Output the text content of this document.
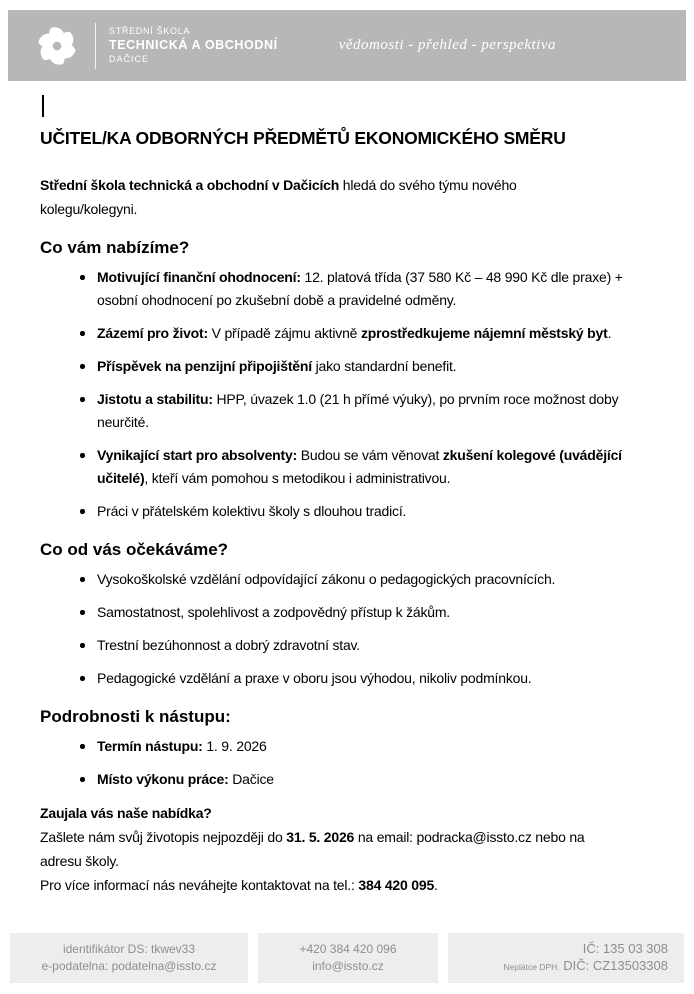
STŘEDNÍ ŠKOLA
TECHNICKÁ A OBCHODNÍ
DAČICE
vědomosti - přehled - perspektiva
UČITEL/KA ODBORNÝCH PŘEDMĚTŮ EKONOMICKÉHO SMĚRU

Střední škola technická a obchodní v Dačicích hledá do svého týmu nového kolegu/kolegyni.

Co vám nabízíme?
Motivující finanční ohodnocení: 12. platová třída (37 580 Kč – 48 990 Kč dle praxe) + osobní ohodnocení po zkušební době a pravidelné odměny.
Zázemí pro život: V případě zájmu aktivně zprostředkujeme nájemní městský byt.
Příspěvek na penzijní připojištění jako standardní benefit.
Jistotu a stabilitu: HPP, úvazek 1.0 (21 h přímé výuky), po prvním roce možnost doby neurčité.
Vynikající start pro absolventy: Budou se vám věnovat zkušení kolegové (uvádějící učitelé), kteří vám pomohou s metodikou i administrativou.
Práci v přátelském kolektivu školy s dlouhou tradicí.
Co od vás očekáváme?
Vysokoškolské vzdělání odpovídající zákonu o pedagogických pracovnících.
Samostatnost, spolehlivost a zodpovědný přístup k žákům.
Trestní bezúhonnost a dobrý zdravotní stav.
Pedagogické vzdělání a praxe v oboru jsou výhodou, nikoliv podmínkou.
Podrobnosti k nástupu:
Termín nástupu: 1. 9. 2026
Místo výkonu práce: Dačice

Zaujala vás naše nabídka?

Zašlete nám svůj životopis nejpozději do 31. 5. 2026 na email: podracka@issto.cz nebo na adresu školy.

Pro více informací nás neváhejte kontaktovat na tel.: 384 420 095.

identifikátor DS: tkwev33
e-podatelna: podatelna@issto.cz
+420 384 420 096
info@issto.cz
IČ: 135 03 308
Neplátce DPH. DIČ: CZ13503308
